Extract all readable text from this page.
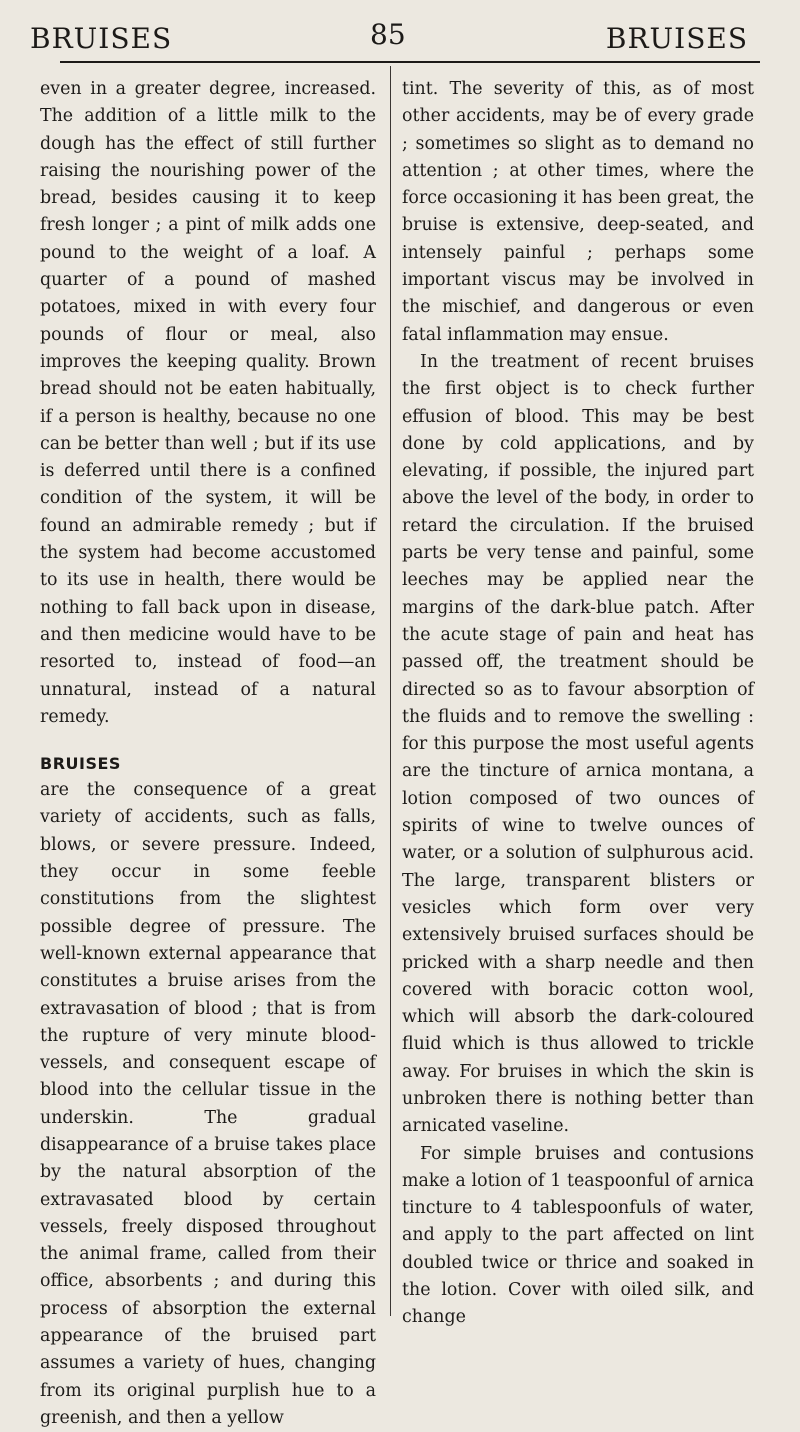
BRUISES	85	BRUISES

even in a greater degree, increased. The addition of a little milk to the dough has the effect of still further raising the nourishing power of the bread, besides causing it to keep fresh longer ; a pint of milk adds one pound to the weight of a loaf. A quarter of a pound of mashed potatoes, mixed in with every four pounds of flour or meal, also improves the keeping quality. Brown bread should not be eaten habitually, if a person is healthy, because no one can be better than well ; but if its use is deferred until there is a confined condition of the system, it will be found an admirable remedy ; but if the system had become accustomed to its use in health, there would be nothing to fall back upon in disease, and then medicine would have to be resorted to, instead of food—an unnatural, instead of a natural remedy.

BRUISES

are the consequence of a great variety of accidents, such as falls, blows, or severe pressure. Indeed, they occur in some feeble constitutions from the slightest possible degree of pressure. The well-known external appearance that constitutes a bruise arises from the extravasation of blood ; that is from the rupture of very minute blood-vessels, and consequent escape of blood into the cellular tissue in the underskin. The gradual disappearance of a bruise takes place by the natural absorption of the extravasated blood by certain vessels, freely disposed throughout the animal frame, called from their office, absorbents ; and during this process of absorption the external appearance of the bruised part assumes a variety of hues, changing from its original purplish hue to a greenish, and then a yellow

tint. The severity of this, as of most other accidents, may be of every grade ; sometimes so slight as to demand no attention ; at other times, where the force occasioning it has been great, the bruise is extensive, deep-seated, and intensely painful ; perhaps some important viscus may be involved in the mischief, and dangerous or even fatal inflammation may ensue.

In the treatment of recent bruises the first object is to check further effusion of blood. This may be best done by cold applications, and by elevating, if possible, the injured part above the level of the body, in order to retard the circulation. If the bruised parts be very tense and painful, some leeches may be applied near the margins of the dark-blue patch. After the acute stage of pain and heat has passed off, the treatment should be directed so as to favour absorption of the fluids and to remove the swelling : for this purpose the most useful agents are the tincture of arnica montana, a lotion composed of two ounces of spirits of wine to twelve ounces of water, or a solution of sulphurous acid. The large, transparent blisters or vesicles which form over very extensively bruised surfaces should be pricked with a sharp needle and then covered with boracic cotton wool, which will absorb the dark-coloured fluid which is thus allowed to trickle away. For bruises in which the skin is unbroken there is nothing better than arnicated vaseline.

For simple bruises and contusions make a lotion of 1 teaspoonful of arnica tincture to 4 tablespoonfuls of water, and apply to the part affected on lint doubled twice or thrice and soaked in the lotion. Cover with oiled silk, and change
